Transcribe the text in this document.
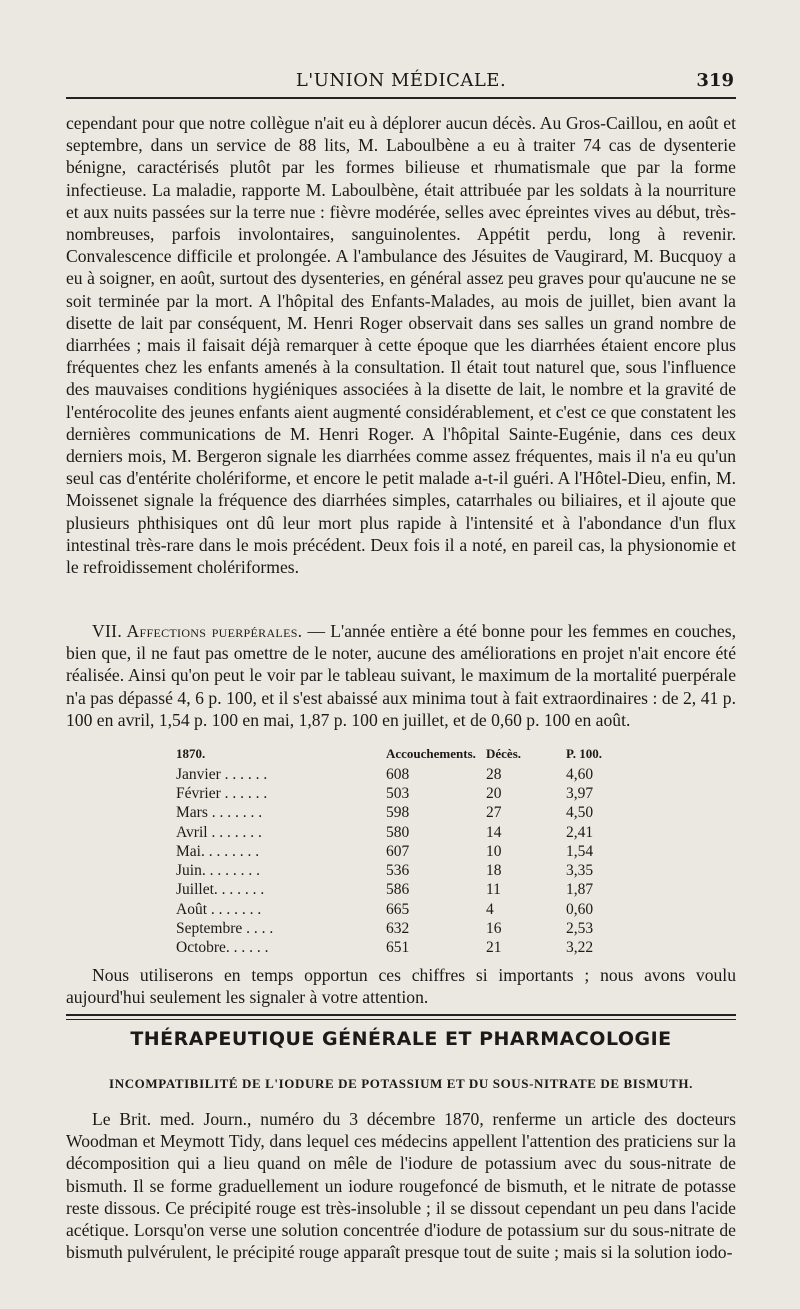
L'UNION MÉDICALE.	319

cependant pour que notre collègue n'ait eu à déplorer aucun décès. Au Gros-Caillou, en août et septembre, dans un service de 88 lits, M. Laboulbène a eu à traiter 74 cas de dysenterie bénigne, caractérisés plutôt par les formes bilieuse et rhumatismale que par la forme infectieuse. La maladie, rapporte M. Laboulbène, était attribuée par les soldats à la nourriture et aux nuits passées sur la terre nue : fièvre modérée, selles avec épreintes vives au début, très-nombreuses, parfois involontaires, sanguinolentes. Appétit perdu, long à revenir. Convalescence difficile et prolongée. A l'ambulance des Jésuites de Vaugirard, M. Bucquoy a eu à soigner, en août, surtout des dysenteries, en général assez peu graves pour qu'aucune ne se soit terminée par la mort. A l'hôpital des Enfants-Malades, au mois de juillet, bien avant la disette de lait par conséquent, M. Henri Roger observait dans ses salles un grand nombre de diarrhées ; mais il faisait déjà remarquer à cette époque que les diarrhées étaient encore plus fréquentes chez les enfants amenés à la consultation. Il était tout naturel que, sous l'influence des mauvaises conditions hygiéniques associées à la disette de lait, le nombre et la gravité de l'entérocolite des jeunes enfants aient augmenté considérablement, et c'est ce que constatent les dernières communications de M. Henri Roger. A l'hôpital Sainte-Eugénie, dans ces deux derniers mois, M. Bergeron signale les diarrhées comme assez fréquentes, mais il n'a eu qu'un seul cas d'entérite cholériforme, et encore le petit malade a-t-il guéri. A l'Hôtel-Dieu, enfin, M. Moissenet signale la fréquence des diarrhées simples, catarrhales ou biliaires, et il ajoute que plusieurs phthisiques ont dû leur mort plus rapide à l'intensité et à l'abondance d'un flux intestinal très-rare dans le mois précédent. Deux fois il a noté, en pareil cas, la physionomie et le refroidissement cholériformes.

VII. Affections puerpérales. — L'année entière a été bonne pour les femmes en couches, bien que, il ne faut pas omettre de le noter, aucune des améliorations en projet n'ait encore été réalisée. Ainsi qu'on peut le voir par le tableau suivant, le maximum de la mortalité puerpérale n'a pas dépassé 4, 6 p. 100, et il s'est abaissé aux minima tout à fait extraordinaires : de 2, 41 p. 100 en avril, 1,54 p. 100 en mai, 1,87 p. 100 en juillet, et de 0,60 p. 100 en août.

1870.	Accouchements.	Décès.	P. 100.
Janvier . . . . . .	608	28	4,60
Février . . . . . .	503	20	3,97
Mars . . . . . . .	598	27	4,50
Avril . . . . . . .	580	14	2,41
Mai. . . . . . . .	607	10	1,54
Juin. . . . . . . .	536	18	3,35
Juillet. . . . . . .	586	11	1,87
Août . . . . . . .	665	4	0,60
Septembre . . . .	632	16	2,53
Octobre. . . . . .	651	21	3,22

Nous utiliserons en temps opportun ces chiffres si importants ; nous avons voulu aujourd'hui seulement les signaler à votre attention.

THÉRAPEUTIQUE GÉNÉRALE ET PHARMACOLOGIE
INCOMPATIBILITÉ DE L'IODURE DE POTASSIUM ET DU SOUS-NITRATE DE BISMUTH.

Le Brit. med. Journ., numéro du 3 décembre 1870, renferme un article des docteurs Woodman et Meymott Tidy, dans lequel ces médecins appellent l'attention des praticiens sur la décomposition qui a lieu quand on mêle de l'iodure de potassium avec du sous-nitrate de bismuth. Il se forme graduellement un iodure rougefoncé de bismuth, et le nitrate de potasse reste dissous. Ce précipité rouge est très-insoluble ; il se dissout cependant un peu dans l'acide acétique. Lorsqu'on verse une solution concentrée d'iodure de potassium sur du sous-nitrate de bismuth pulvérulent, le précipité rouge apparaît presque tout de suite ; mais si la solution iodo-
